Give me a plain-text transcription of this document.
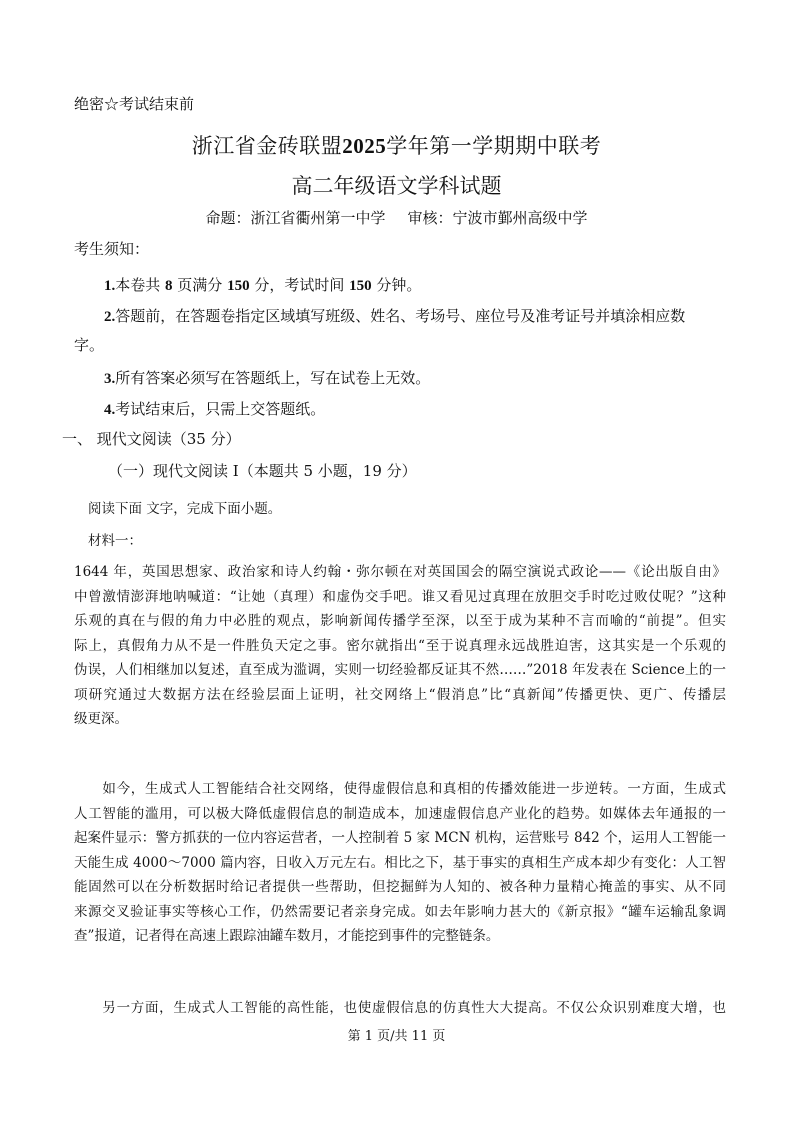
绝密☆考试结束前
浙江省金砖联盟2025学年第一学期期中联考
高二年级语文学科试题
命题：浙江省衢州第一中学 审核：宁波市鄞州高级中学
考生须知：
1.本卷共 8 页满分 150 分，考试时间 150 分钟。
2.答题前，在答题卷指定区域填写班级、姓名、考场号、座位号及准考证号并填涂相应数
字。
3.所有答案必须写在答题纸上，写在试卷上无效。
4.考试结束后，只需上交答题纸。
一、 现代文阅读（35 分）
（一）现代文阅读 I（本题共 5 小题，19 分）
阅读下面 文字，完成下面小题。
材料一：
1644 年，英国思想家、政治家和诗人约翰・弥尔顿在对英国国会的隔空演说式政论——《论出版自由》
中曾激情澎湃地呐喊道：“让她（真理）和虚伪交手吧。谁又看见过真理在放胆交手时吃过败仗呢？”这种
乐观的真在与假的角力中必胜的观点，影响新闻传播学至深，以至于成为某种不言而喻的“前提”。但实
际上，真假角力从不是一件胜负天定之事。密尔就指出“至于说真理永远战胜迫害，这其实是一个乐观的
伪误，人们相继加以复述，直至成为滥调，实则一切经验都反证其不然……”2018 年发表在 Science上的一
项研究通过大数据方法在经验层面上证明，社交网络上“假消息”比“真新闻”传播更快、更广、传播层
级更深。
　　如今，生成式人工智能结合社交网络，使得虚假信息和真相的传播效能进一步逆转。一方面，生成式
人工智能的滥用，可以极大降低虚假信息的制造成本，加速虚假信息产业化的趋势。如媒体去年通报的一
起案件显示：警方抓获的一位内容运营者，一人控制着 5 家 MCN 机构，运营账号 842 个，运用人工智能一
天能生成 4000～7000 篇内容，日收入万元左右。相比之下，基于事实的真相生产成本却少有变化：人工智
能固然可以在分析数据时给记者提供一些帮助，但挖掘鲜为人知的、被各种力量精心掩盖的事实、从不同
来源交叉验证事实等核心工作，仍然需要记者亲身完成。如去年影响力甚大的《新京报》“罐车运输乱象调
查”报道，记者得在高速上跟踪油罐车数月，才能挖到事件的完整链条。
　　另一方面，生成式人工智能的高性能，也使虚假信息的仿真性大大提高。不仅公众识别难度大增，也
第 1 页/共 11 页
